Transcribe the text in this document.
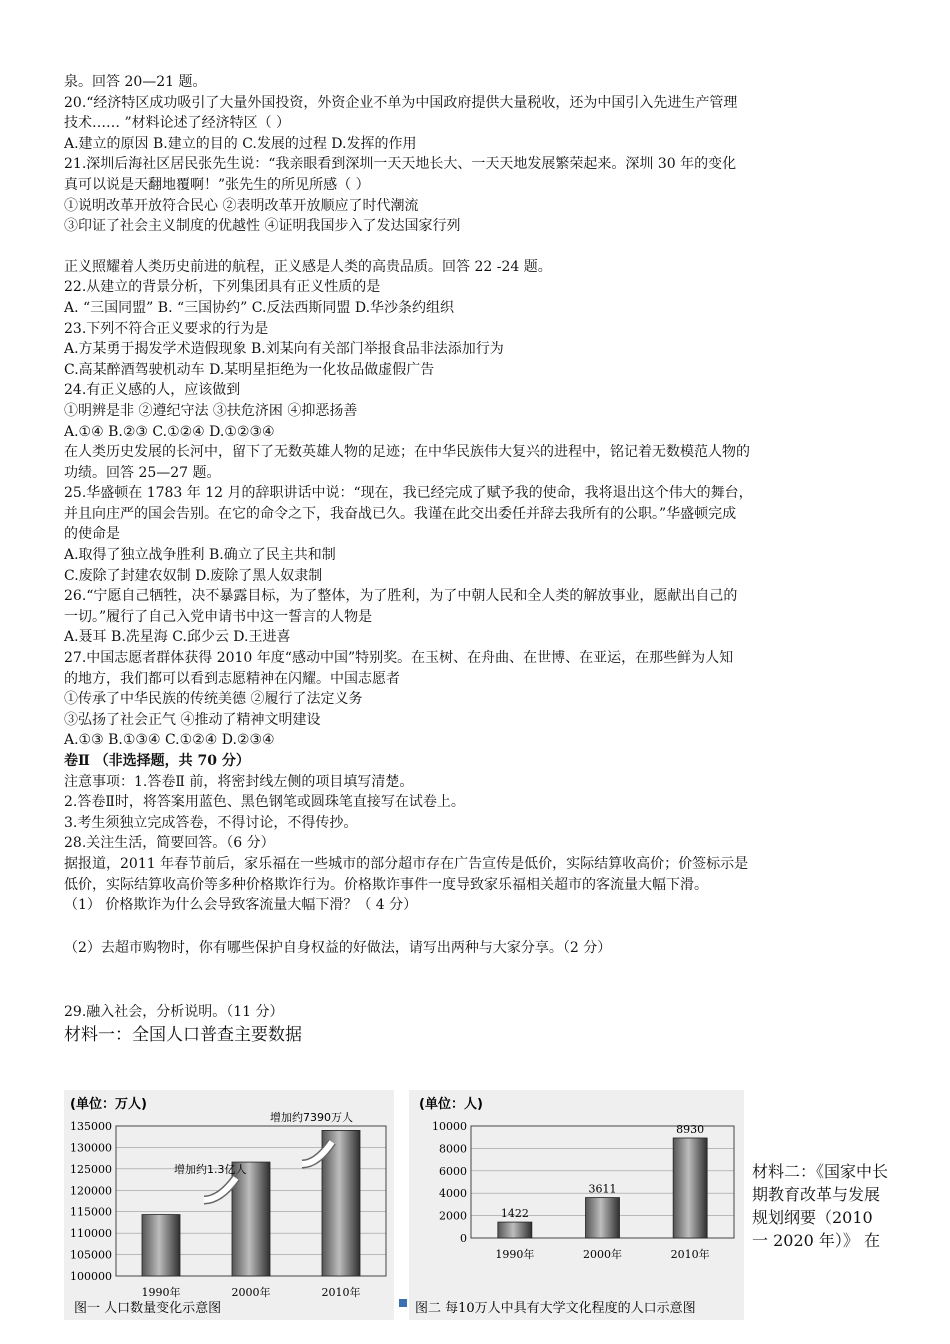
泉。回答 20—21 题。
20.“经济特区成功吸引了大量外国投资，外资企业不单为中国政府提供大量税收，还为中国引入先进生产管理
技术…… ”材料论述了经济特区（ ）
A.建立的原因 B.建立的目的 C.发展的过程 D.发挥的作用
21.深圳后海社区居民张先生说：“我亲眼看到深圳一天天地长大、一天天地发展繁荣起来。深圳 30 年的变化
真可以说是天翻地覆啊！”张先生的所见所感（ ）
①说明改革开放符合民心 ②表明改革开放顺应了时代潮流
③印证了社会主义制度的优越性 ④证明我国步入了发达国家行列
正义照耀着人类历史前进的航程，正义感是人类的高贵品质。回答 22 -24 题。
22.从建立的背景分析，下列集团具有正义性质的是
A. “三国同盟” B. “三国协约” C.反法西斯同盟 D.华沙条约组织
23.下列不符合正义要求的行为是
A.方某勇于揭发学术造假现象 B.刘某向有关部门举报食品非法添加行为
C.高某醉酒驾驶机动车 D.某明星拒绝为一化妆品做虚假广告
24.有正义感的人，应该做到
①明辨是非 ②遵纪守法 ③扶危济困 ④抑恶扬善
A.①④ B.②③ C.①②④ D.①②③④
在人类历史发展的长河中，留下了无数英雄人物的足迹；在中华民族伟大复兴的进程中，铭记着无数模范人物的
功绩。回答 25—27 题。
25.华盛顿在 1783 年 12 月的辞职讲话中说：“现在，我已经完成了赋予我的使命，我将退出这个伟大的舞台，
并且向庄严的国会告别。在它的命令之下，我奋战已久。我谨在此交出委任并辞去我所有的公职。”华盛顿完成
的使命是
A.取得了独立战争胜利 B.确立了民主共和制
C.废除了封建农奴制 D.废除了黑人奴隶制
26.“宁愿自己牺牲，决不暴露目标，为了整体，为了胜利，为了中朝人民和全人类的解放事业，愿献出自己的
一切。”履行了自己入党申请书中这一誓言的人物是
A.聂耳 B.冼星海 C.邱少云 D.王进喜
27.中国志愿者群体获得 2010 年度“感动中国”特别奖。在玉树、在舟曲、在世博、在亚运，在那些鲜为人知
的地方，我们都可以看到志愿精神在闪耀。中国志愿者
①传承了中华民族的传统美德 ②履行了法定义务
③弘扬了社会正气 ④推动了精神文明建设
A.①③ B.①③④ C.①②④ D.②③④
卷Ⅱ （非选择题，共 70 分）
注意事项：1.答卷Ⅱ 前，将密封线左侧的项目填写清楚。
2.答卷Ⅱ时，将答案用蓝色、黑色钢笔或圆珠笔直接写在试卷上。
3.考生须独立完成答卷，不得讨论，不得传抄。
28.关注生活，简要回答。（6 分）
据报道，2011 年春节前后，家乐福在一些城市的部分超市存在广告宣传是低价，实际结算收高价；价签标示是
低价，实际结算收高价等多种价格欺诈行为。价格欺诈事件一度导致家乐福相关超市的客流量大幅下滑。
（1） 价格欺诈为什么会导致客流量大幅下滑？（ 4 分）
（2）去超市购物时，你有哪些保护自身权益的好做法，请写出两种与大家分享。（2 分）
29.融入社会，分析说明。（11 分）
材料一：全国人口普查主要数据
(单位：万人)
135000
130000
125000
120000
115000
110000
105000
100000
1990年	2000年	2010年
图一 人口数量变化示意图
增加约1.3亿人
增加约7390万人
(单位：人)
10000
8000
6000
4000
2000
0
1990年
1422
2000年
3611
2010年
8930
图二 每10万人中具有大学文化程度的人口示意图
材料二：《国家中长期教育改革与发展规划纲要（2010 一 2020 年）》 在
